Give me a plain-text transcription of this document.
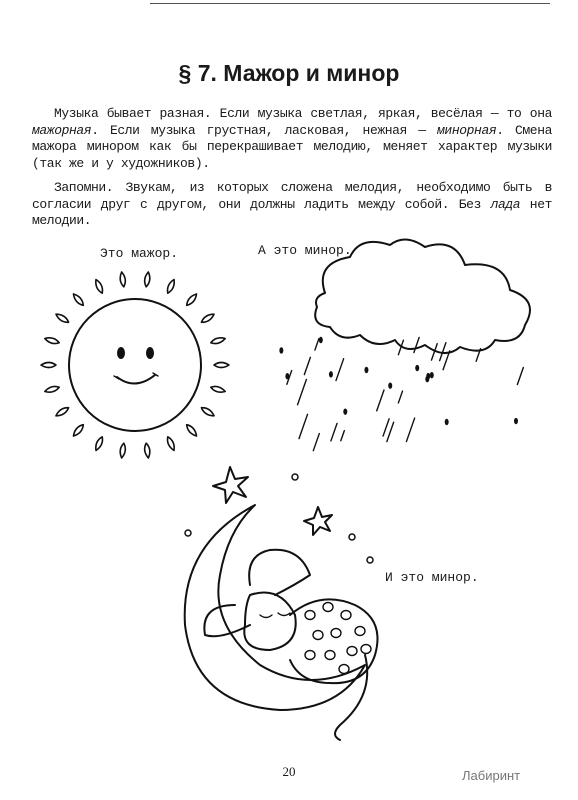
§ 7. Мажор и минор
Музыка бывает разная. Если музыка светлая, яркая, весёлая — то она мажорная. Если музыка грустная, ласковая, нежная — минорная. Смена мажора минором как бы перекрашивает мелодию, меняет характер музыки (так же и у художников).
Запомни. Звукам, из которых сложена мелодия, необходимо быть в согласии друг с другом, они должны ладить между собой. Без лада нет мелодии.
Это мажор.	А это минор.
И это минор.
20	Лабиринт
